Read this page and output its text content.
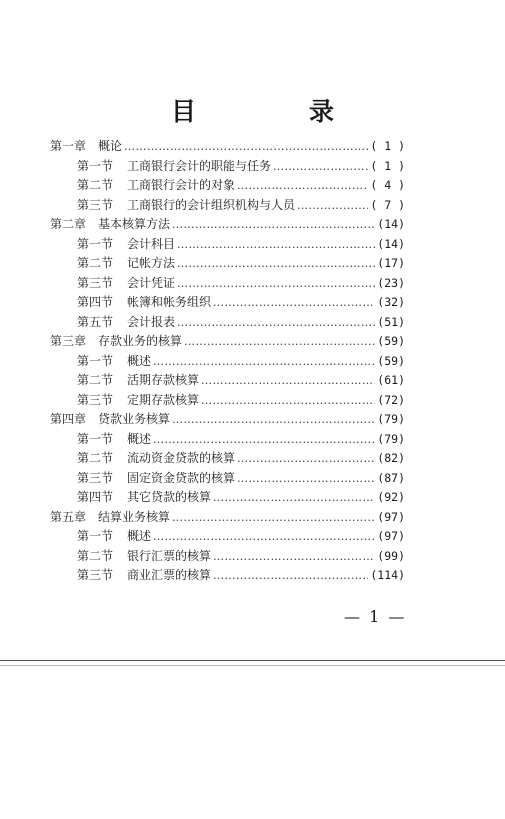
目　录
第一章 概论 ………………………………………………………………………………………………	( 1 )
第一节 工商银行会计的职能与任务 ………………………………………………………………………………………………	( 1 )
第二节 工商银行会计的对象 ………………………………………………………………………………………………	( 4 )
第三节 工商银行的会计组织机构与人员 ………………………………………………………………………………………………	( 7 )
第二章 基本核算方法 ………………………………………………………………………………………………	(14)
第一节 会计科目 ………………………………………………………………………………………………	(14)
第二节 记帐方法 ………………………………………………………………………………………………	(17)
第三节 会计凭证 ………………………………………………………………………………………………	(23)
第四节 帐簿和帐务组织 ………………………………………………………………………………………………	(32)
第五节 会计报表 ………………………………………………………………………………………………	(51)
第三章 存款业务的核算 ………………………………………………………………………………………………	(59)
第一节 概述 ………………………………………………………………………………………………	(59)
第二节 活期存款核算 ………………………………………………………………………………………………	(61)
第三节 定期存款核算 ………………………………………………………………………………………………	(72)
第四章 贷款业务核算 ………………………………………………………………………………………………	(79)
第一节 概述 ………………………………………………………………………………………………	(79)
第二节 流动资金贷款的核算 ………………………………………………………………………………………………	(82)
第三节 固定资金贷款的核算 ………………………………………………………………………………………………	(87)
第四节 其它贷款的核算 ………………………………………………………………………………………………	(92)
第五章 结算业务核算 ………………………………………………………………………………………………	(97)
第一节 概述 ………………………………………………………………………………………………	(97)
第二节 银行汇票的核算 ………………………………………………………………………………………………	(99)
第三节 商业汇票的核算 ………………………………………………………………………………………………	(114)
— 1 —
